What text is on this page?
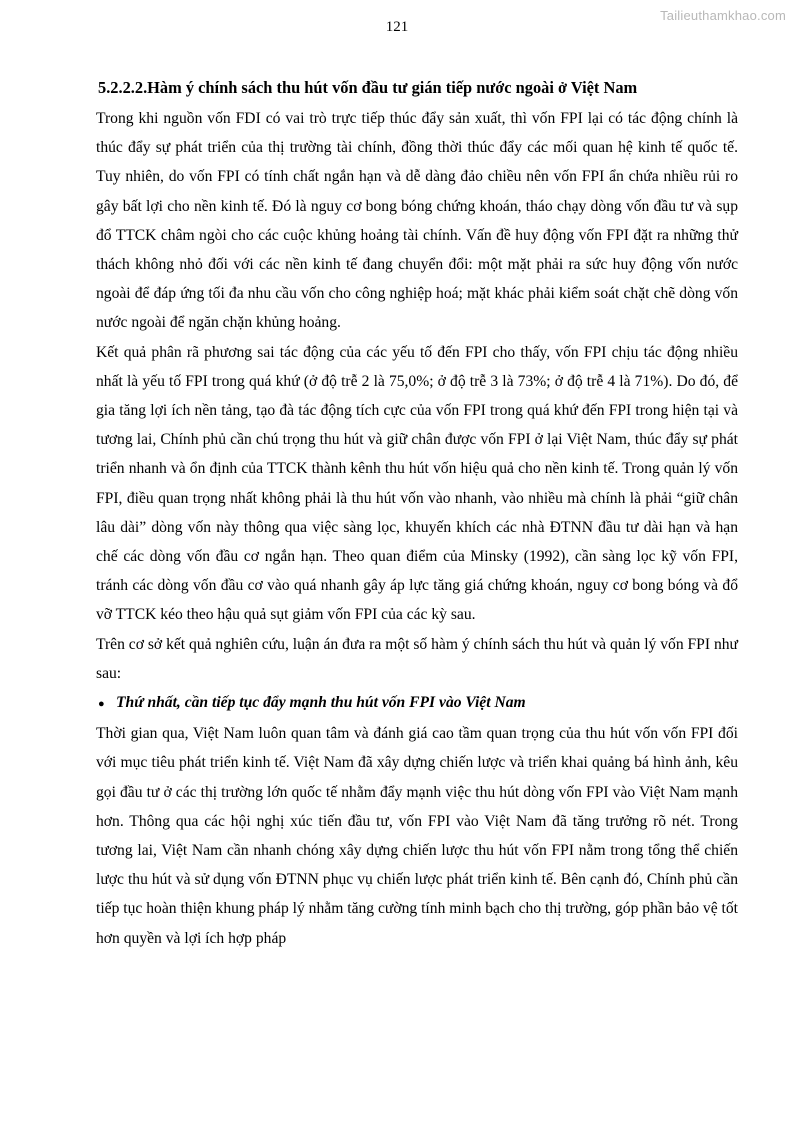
Tailieuthamkhao.com
121
5.2.2.2.Hàm ý chính sách thu hút vốn đầu tư gián tiếp nước ngoài ở Việt Nam

Trong khi nguồn vốn FDI có vai trò trực tiếp thúc đẩy sản xuất, thì vốn FPI lại có tác động chính là thúc đẩy sự phát triển của thị trường tài chính, đồng thời thúc đẩy các mối quan hệ kinh tế quốc tế. Tuy nhiên, do vốn FPI có tính chất ngắn hạn và dễ dàng đảo chiều nên vốn FPI ẩn chứa nhiều rủi ro gây bất lợi cho nền kinh tế. Đó là nguy cơ bong bóng chứng khoán, tháo chạy dòng vốn đầu tư và sụp đổ TTCK châm ngòi cho các cuộc khủng hoảng tài chính. Vấn đề huy động vốn FPI đặt ra những thử thách không nhỏ đối với các nền kinh tế đang chuyển đổi: một mặt phải ra sức huy động vốn nước ngoài để đáp ứng tối đa nhu cầu vốn cho công nghiệp hoá; mặt khác phải kiểm soát chặt chẽ dòng vốn nước ngoài để ngăn chặn khủng hoảng.

Kết quả phân rã phương sai tác động của các yếu tố đến FPI cho thấy, vốn FPI chịu tác động nhiều nhất là yếu tố FPI trong quá khứ (ở độ trễ 2 là 75,0%; ở độ trễ 3 là 73%; ở độ trễ 4 là 71%). Do đó, để gia tăng lợi ích nền tảng, tạo đà tác động tích cực của vốn FPI trong quá khứ đến FPI trong hiện tại và tương lai, Chính phủ cần chú trọng thu hút và giữ chân được vốn FPI ở lại Việt Nam, thúc đẩy sự phát triển nhanh và ổn định của TTCK thành kênh thu hút vốn hiệu quả cho nền kinh tế. Trong quản lý vốn FPI, điều quan trọng nhất không phải là thu hút vốn vào nhanh, vào nhiều mà chính là phải “giữ chân lâu dài” dòng vốn này thông qua việc sàng lọc, khuyến khích các nhà ĐTNN đầu tư dài hạn và hạn chế các dòng vốn đầu cơ ngắn hạn. Theo quan điểm của Minsky (1992), cần sàng lọc kỹ vốn FPI, tránh các dòng vốn đầu cơ vào quá nhanh gây áp lực tăng giá chứng khoán, nguy cơ bong bóng và đổ vỡ TTCK kéo theo hậu quả sụt giảm vốn FPI của các kỳ sau.

Trên cơ sở kết quả nghiên cứu, luận án đưa ra một số hàm ý chính sách thu hút và quản lý vốn FPI như sau:

● Thứ nhất, cần tiếp tục đẩy mạnh thu hút vốn FPI vào Việt Nam

Thời gian qua, Việt Nam luôn quan tâm và đánh giá cao tầm quan trọng của thu hút vốn vốn FPI đối với mục tiêu phát triển kinh tế. Việt Nam đã xây dựng chiến lược và triển khai quảng bá hình ảnh, kêu gọi đầu tư ở các thị trường lớn quốc tế nhằm đẩy mạnh việc thu hút dòng vốn FPI vào Việt Nam mạnh hơn. Thông qua các hội nghị xúc tiến đầu tư, vốn FPI vào Việt Nam đã tăng trưởng rõ nét. Trong tương lai, Việt Nam cần nhanh chóng xây dựng chiến lược thu hút vốn FPI nằm trong tổng thể chiến lược thu hút và sử dụng vốn ĐTNN phục vụ chiến lược phát triển kinh tế. Bên cạnh đó, Chính phủ cần tiếp tục hoàn thiện khung pháp lý nhằm tăng cường tính minh bạch cho thị trường, góp phần bảo vệ tốt hơn quyền và lợi ích hợp pháp
